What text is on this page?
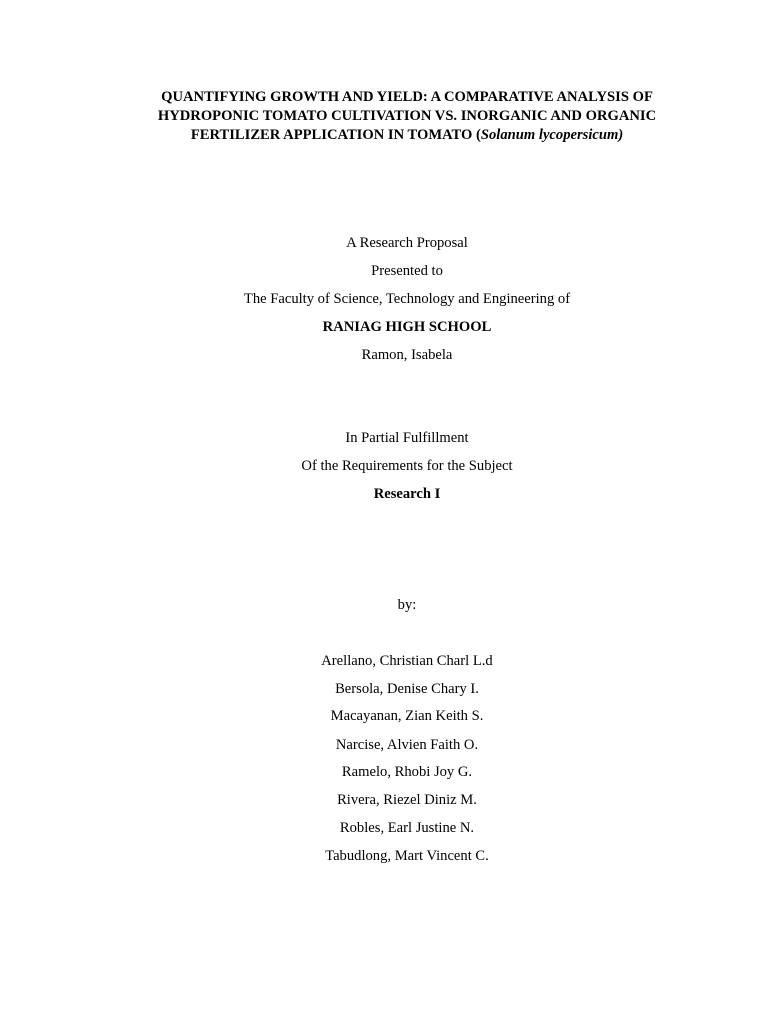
QUANTIFYING GROWTH AND YIELD: A COMPARATIVE ANALYSIS OF
HYDROPONIC TOMATO CULTIVATION VS. INORGANIC AND ORGANIC
FERTILIZER APPLICATION IN TOMATO (Solanum lycopersicum)
A Research Proposal
Presented to
The Faculty of Science, Technology and Engineering of
RANIAG HIGH SCHOOL
Ramon, Isabela
In Partial Fulfillment
Of the Requirements for the Subject
Research I
by:
Arellano, Christian Charl L.d
Bersola, Denise Chary I.
Macayanan, Zian Keith S.
Narcise, Alvien Faith O.
Ramelo, Rhobi Joy G.
Rivera, Riezel Diniz M.
Robles, Earl Justine N.
Tabudlong, Mart Vincent C.
